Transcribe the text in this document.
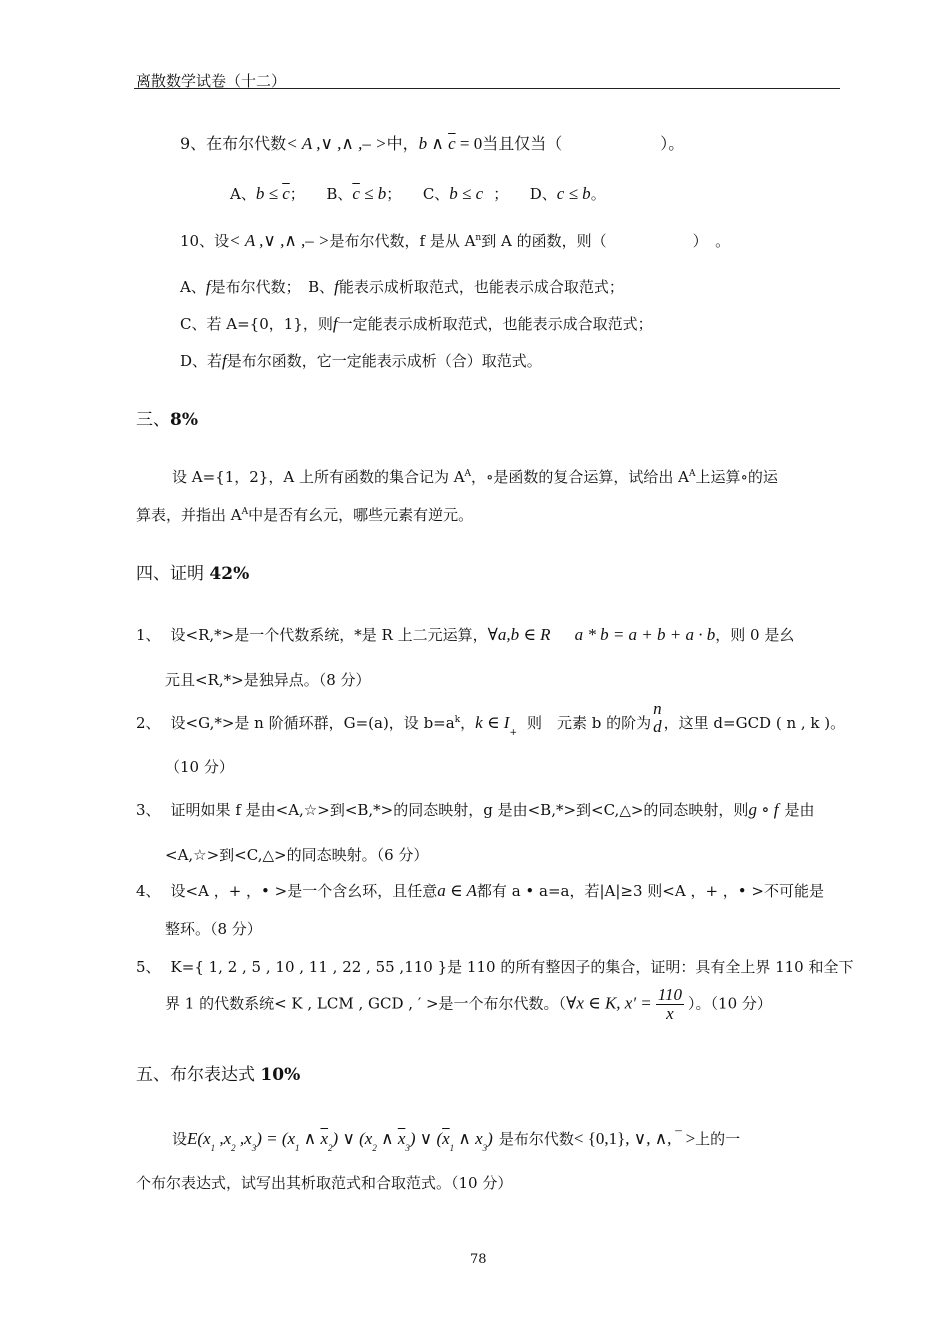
离散数学试卷（十二）
9、在布尔代数< A ,∨ ,∧ ,– >中，b ∧ $\overline{c} = 0$当且仅当（	）。
A、$b \le \overline{c}$； B、$\overline{c} \le b$； C、b ≤ c ； D、c ≤ b。
10、设< A ,∨ ,∧ ,– >是布尔代数，f 是从 $A^n$到 A 的函数，则（	）　。
A、f是布尔代数；　B、f能表示成析取范式，也能表示成合取范式；
C、若 A={0，1}，则f一定能表示成析取范式，也能表示成合取范式；
D、若f是布尔函数，它一定能表示成析（合）取范式。
三、8%
设 A={1，2}，A 上所有函数的集合记为 $A^A$，∘是函数的复合运算，试给出 $A^A$上运算∘的运
算表，并指出 $A^A$中是否有幺元，哪些元素有逆元。
四、证明 42%
1、 设<R,*>是一个代数系统，*是 R 上二元运算，∀a,b ∈ R a * b = a + b + a · b，则 0 是幺
元且<R,*>是独异点。（8 分）
2、 设<G,*>是 n 阶循环群，G=(a)，设 $b=a^k$，k ∈ $I_+$则　元素 b 的阶为
n
d ，这里 d=GCD ( n , k )。
（10 分）
3、 证明如果 f 是由<A,☆>到<B,*>的同态映射，g 是由<B,*>到<C,△>的同态映射，则g ∘ f 是由
<A,☆>到<C,△>的同态映射。（6 分）
4、 设<A ，+ ，• >是一个含幺环，且任意a ∈ A都有 a • a=a，若|A|≥3 则<A ，+ ，• >不可能是
整环。（8 分）
5、 K={ 1, 2 , 5 , 10 , 11 , 22 , 55 ,110 }是 110 的所有整因子的集合，证明：具有全上界 110 和全下
界 1 的代数系统< K , LCM , GCD , ′ >是一个布尔代数。（∀x ∈ K, $x' = \frac{110}{x}$ ）。（10 分）
五、布尔表达式 10%
设$E(x_1$ $,x_2$ $,x_3) = (x_1$ ∧ $\overline{x}_2$) ∨ ($x_2$ ∧ $\overline{x}_3$) ∨ ($\overline{x}_1$ ∧ $x_3$) 是布尔代数< {0,1}, ∨, ∧, ‾ >上的一
个布尔表达式，试写出其析取范式和合取范式。（10 分）
78
